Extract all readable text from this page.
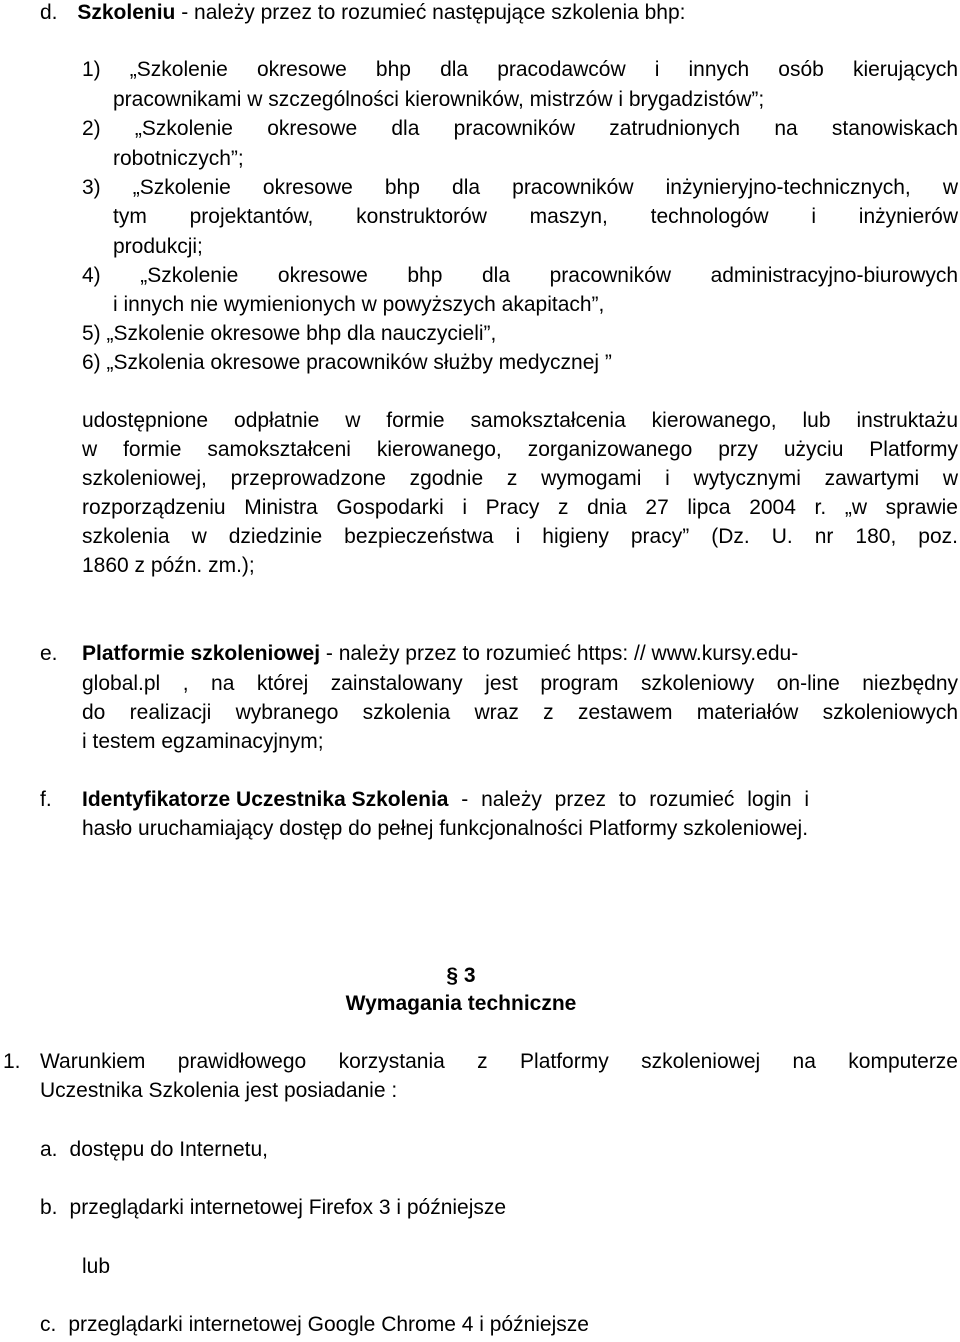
d. Szkoleniu - należy przez to rozumieć następujące szkolenia bhp:
1) „Szkolenie okresowe bhp dla pracodawców i innych osób kierujących
pracownikami w szczególności kierowników, mistrzów i brygadzistów”;
2) „Szkolenie okresowe dla pracowników zatrudnionych na stanowiskach
robotniczych”;
3) „Szkolenie okresowe bhp dla pracowników inżynieryjno-technicznych, w
tym projektantów, konstruktorów maszyn, technologów i inżynierów
produkcji;
4) „Szkolenie okresowe bhp dla pracowników administracyjno-biurowych
i innych nie wymienionych w powyższych akapitach”,
5) „Szkolenie okresowe bhp dla nauczycieli”,
6) „Szkolenia okresowe pracowników służby medycznej ”
udostępnione odpłatnie w formie samokształcenia kierowanego, lub instruktażu
w formie samokształceni kierowanego, zorganizowanego przy użyciu Platformy
szkoleniowej, przeprowadzone zgodnie z wymogami i wytycznymi zawartymi w
rozporządzeniu Ministra Gospodarki i Pracy z dnia 27 lipca 2004 r. „w sprawie
szkolenia w dziedzinie bezpieczeństwa i higieny pracy” (Dz. U. nr 180, poz.
1860 z późn. zm.);
e. Platformie szkoleniowej - należy przez to rozumieć https: // www.kursy.edu-
global.pl , na której zainstalowany jest program szkoleniowy on-line niezbędny
do realizacji wybranego szkolenia wraz z zestawem materiałów szkoleniowych
i testem egzaminacyjnym;
f. Identyfikatorze Uczestnika Szkolenia - należy przez to rozumieć login i
hasło uruchamiający dostęp do pełnej funkcjonalności Platformy szkoleniowej.
§ 3
Wymagania techniczne
1. Warunkiem prawidłowego korzystania z Platformy szkoleniowej na komputerze
Uczestnika Szkolenia jest posiadanie :
a. dostępu do Internetu,
b. przeglądarki internetowej Firefox 3 i późniejsze
lub
c. przeglądarki internetowej Google Chrome 4 i późniejsze
